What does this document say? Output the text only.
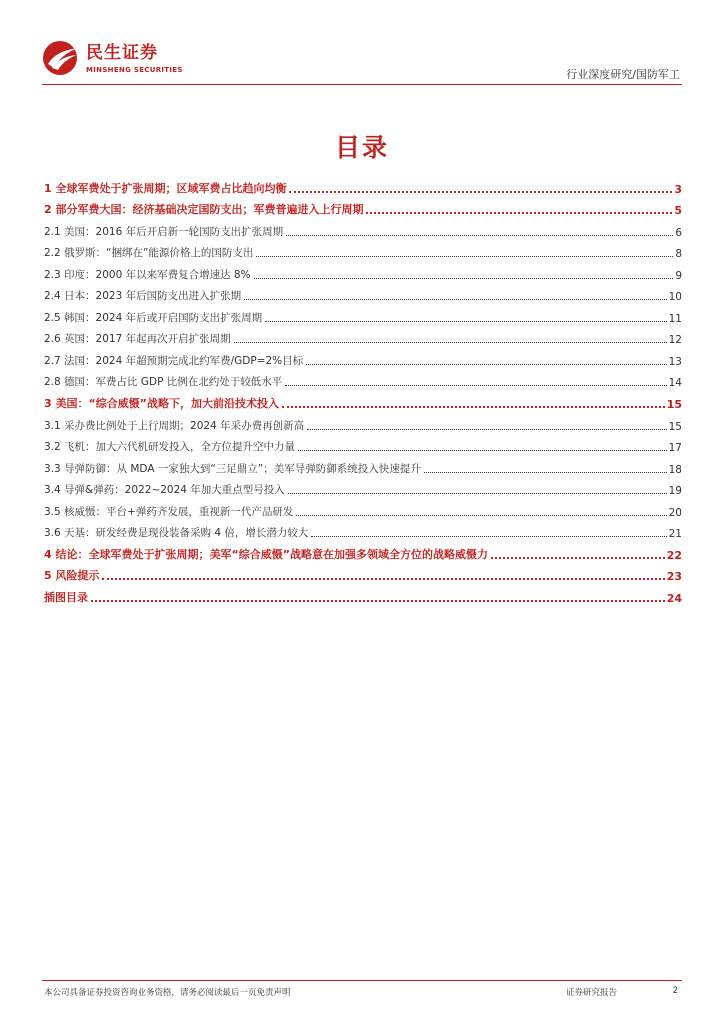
民生证券
MINSHENG SECURITIES	行业深度研究/国防军工
目录
1 全球军费处于扩张周期；区域军费占比趋向均衡	3
2 部分军费大国：经济基础决定国防支出；军费普遍进入上行周期	5
2.1 美国：2016 年后开启新一轮国防支出扩张周期	6
2.2 俄罗斯：“捆绑在”能源价格上的国防支出	8
2.3 印度：2000 年以来军费复合增速达 8%	9
2.4 日本：2023 年后国防支出进入扩张期	10
2.5 韩国：2024 年后或开启国防支出扩张周期	11
2.6 英国：2017 年起再次开启扩张周期	12
2.7 法国：2024 年超预期完成北约军费/GDP=2%目标	13
2.8 德国：军费占比 GDP 比例在北约处于较低水平	14
3 美国：“综合威慑”战略下，加大前沿技术投入	15
3.1 采办费比例处于上行周期；2024 年采办费再创新高	15
3.2 飞机：加大六代机研发投入，全方位提升空中力量	17
3.3 导弹防御：从 MDA 一家独大到“三足鼎立”；美军导弹防御系统投入快速提升	18
3.4 导弹&弹药：2022~2024 年加大重点型号投入	19
3.5 核威慑：平台+弹药齐发展，重视新一代产品研发	20
3.6 天基：研发经费是现役装备采购 4 倍，增长潜力较大	21
4 结论：全球军费处于扩张周期；美军“综合威慑”战略意在加强多领域全方位的战略威慑力	22
5 风险提示	23
插图目录	24
本公司具备证券投资咨询业务资格，请务必阅读最后一页免责声明	证券研究报告	2
